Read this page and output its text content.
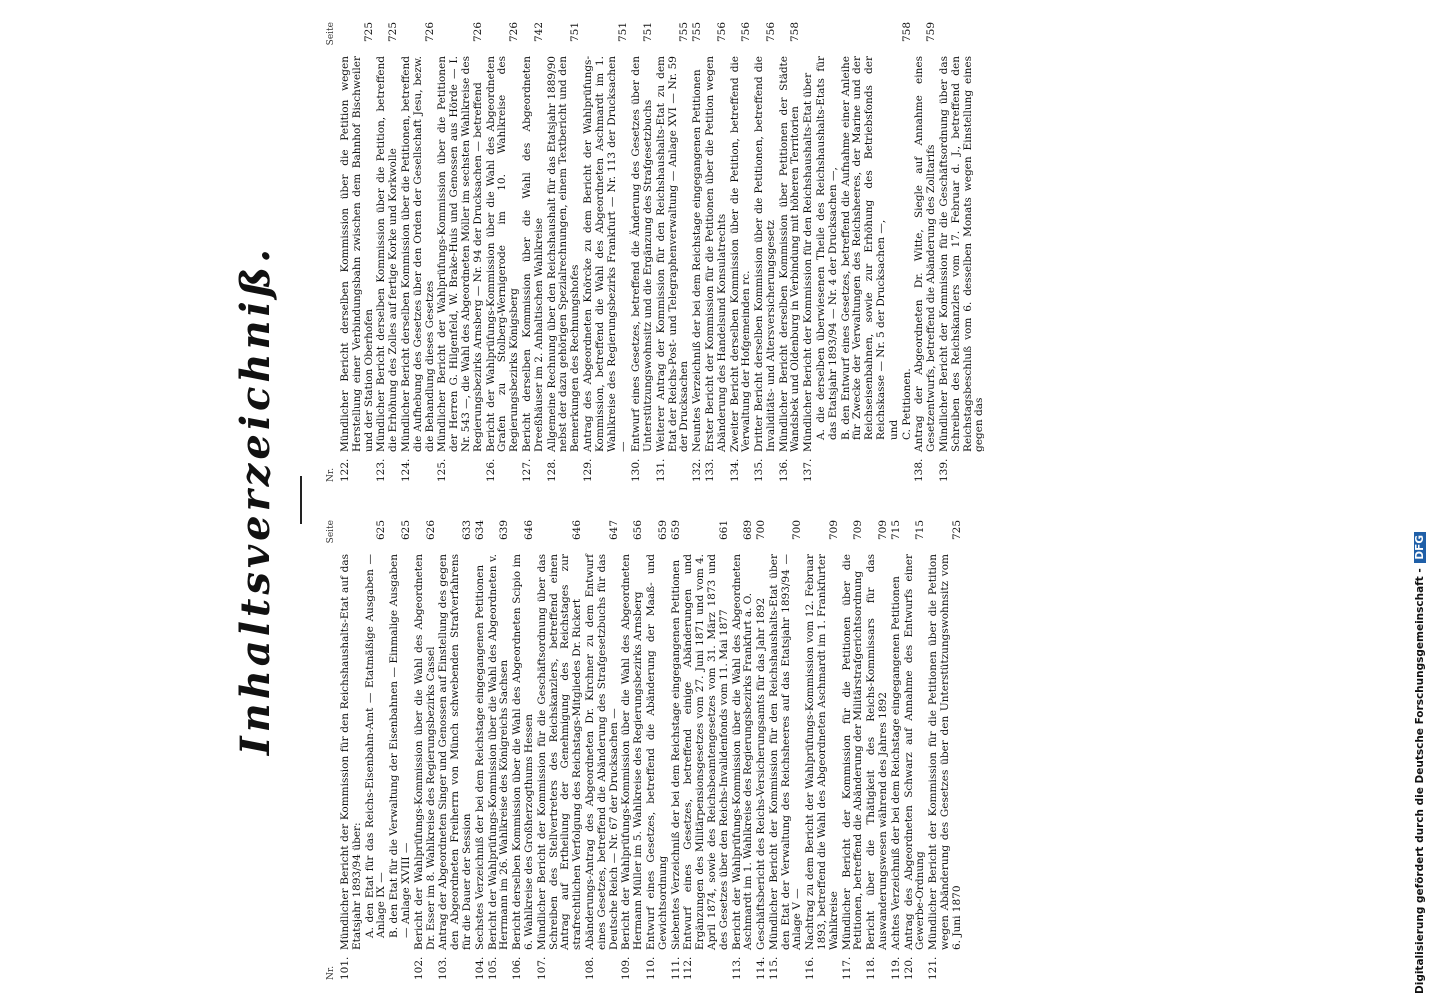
Inhaltsverzeichniß.
Nr.
Seite
101.
Mündlicher Bericht der Kommission für den Reichshaushalts-Etat auf das Etatsjahr 1893/94 über: A. den Etat für das Reichs-Eisenbahn-Amt — Etatmäßige Ausgaben — Anlage IX —
625
B. den Etat für die Verwaltung der Eisenbahnen — Einmalige Ausgaben — Anlage XVIII —
625
102.
Bericht der Wahlprüfungs-Kommission über die Wahl des Abgeordneten Dr. Esser im 8. Wahlkreise des Regierungsbezirks Cassel
626
103.
Antrag der Abgeordneten Singer und Genossen auf Einstellung des gegen den Abgeordneten Freiherrn von Münch schwebenden Strafverfahrens für die Dauer der Session
633
104.
Sechstes Verzeichniß der bei dem Reichstage eingegangenen Petitionen
634
105.
Bericht der Wahlprüfungs-Kommission über die Wahl des Abgeordneten v. Herrmann im 26. Wahlkreise des Königreichs Sachsen
639
106.
Bericht derselben Kommission über die Wahl des Abgeordneten Scipio im 6. Wahlkreise des Großherzogthums Hessen
646
107.
Mündlicher Bericht der Kommission für die Geschäftsordnung über das Schreiben des Stellvertreters des Reichskanzlers, betreffend einen Antrag auf Ertheilung der Genehmigung des Reichstages zur strafrechtlichen Verfolgung des Reichstags-Mitgliedes Dr. Rickert
646
108.
Abänderungs-Antrag des Abgeordneten Dr. Kirchner zu dem Entwurf eines Gesetzes, betreffend die Abänderung des Strafgesetzbuchs für das Deutsche Reich — Nr. 67 der Drucksachen —
647
109.
Bericht der Wahlprüfungs-Kommission über die Wahl des Abgeordneten Hermann Müller im 5. Wahlkreise des Regierungsbezirks Arnsberg
656
110.
Entwurf eines Gesetzes, betreffend die Abänderung der Maaß- und Gewichtsordnung
659
111.
Siebentes Verzeichniß der bei dem Reichstage eingegangenen Petitionen
659
112.
Entwurf eines Gesetzes, betreffend einige Abänderungen und Ergänzungen des Militärpensionsgesetzes vom 27. Juni 1871 und vom 4. April 1874, sowie des Reichsbeamtengesetzes vom 31. März 1873 und des Gesetzes über den Reichs-Invalidenfonds vom 11. Mai 1877
661
113.
Bericht der Wahlprüfungs-Kommission über die Wahl des Abgeordneten Aschmardt im 1. Wahlkreise des Regierungsbezirks Frankfurt a. O.
689
114.
Geschäftsbericht des Reichs-Versicherungsamts für das Jahr 1892
700
115.
Mündlicher Bericht der Kommission für den Reichshaushalts-Etat über den Etat der Verwaltung des Reichsheeres auf das Etatsjahr 1893/94 — Anlage V —
700
116.
Nachtrag zu dem Bericht der Wahlprüfungs-Kommission vom 12. Februar 1893, betreffend die Wahl des Abgeordneten Aschmardt im 1. Frankfurter Wahlkreise
709
117.
Mündlicher Bericht der Kommission für die Petitionen über die Petitionen, betreffend die Abänderung der Militärstrafgerichtsordnung
709
118.
Bericht über die Thätigkeit des Reichs-Kommissars für das Auswanderungswesen während des Jahres 1892
709
119.
Achtes Verzeichniß der bei dem Reichstage eingegangenen Petitionen
715
120.
Antrag des Abgeordneten Schwarz auf Annahme des Entwurfs einer Gewerbe-Ordnung
715
121.
Mündlicher Bericht der Kommission für die Petitionen über die Petition wegen Abänderung des Gesetzes über den Unterstützungswohnsitz vom 6. Juni 1870
725
Nr.
Seite
122.
Mündlicher Bericht derselben Kommission über die Petition wegen Herstellung einer Verbindungsbahn zwischen dem Bahnhof Bischweiler und der Station Oberhofen
725
123.
Mündlicher Bericht derselben Kommission über die Petition, betreffend die Erhöhung des Zolles auf fertige Korke und Korkwolle
725
124.
Mündlicher Bericht derselben Kommission über die Petitionen, betreffend die Aufhebung des Gesetzes über den Orden der Gesellschaft Jesu, bezw. die Behandlung dieses Gesetzes
726
125.
Mündlicher Bericht der Wahlprüfungs-Kommission über die Petitionen der Herren G. Hilgenfeld, W. Brake-Huis und Genossen aus Hörde — I. Nr. 543 —, die Wahl des Abgeordneten Möller im sechsten Wahlkreise des Regierungsbezirks Arnsberg — Nr. 94 der Drucksachen — betreffend
726
126.
Bericht der Wahlprüfungs-Kommission über die Wahl des Abgeordneten Grafen zu Stolberg-Wernigerode im 10. Wahlkreise des Regierungsbezirks Königsberg
726
127.
Bericht derselben Kommission über die Wahl des Abgeordneten Dreeßhäuser im 2. Anhaltischen Wahlkreise
742
128.
Allgemeine Rechnung über den Reichshaushalt für das Etatsjahr 1889/90 nebst der dazu gehörigen Spezialrechnungen, einem Textbericht und den Bemerkungen des Rechnungshofes
751
129.
Antrag des Abgeordneten Knörcke zu dem Bericht der Wahlprüfungs-Kommission, betreffend die Wahl des Abgeordneten Aschmardt im 1. Wahlkreise des Regierungsbezirks Frankfurt — Nr. 113 der Drucksachen —
751
130.
Entwurf eines Gesetzes, betreffend die Änderung des Gesetzes über den Unterstützungswohnsitz und die Ergänzung des Strafgesetzbuchs
751
131.
Weiterer Antrag der Kommission für den Reichshaushalts-Etat zu dem Etat der Reichs-Post- und Telegraphenverwaltung — Anlage XVI — Nr. 59 der Drucksachen
755
132.
Neuntes Verzeichniß der bei dem Reichstage eingegangenen Petitionen
755
133.
Erster Bericht der Kommission für die Petitionen über die Petition wegen Abänderung des Handelsund Konsulatrechts
756
134.
Zweiter Bericht derselben Kommission über die Petition, betreffend die Verwaltung der Hofgemeinden rc.
756
135.
Dritter Bericht derselben Kommission über die Petitionen, betreffend die Invaliditäts- und Altersversicherungsgesetz
756
136.
Mündlicher Bericht derselben Kommission über Petitionen der Städte Wandsbek und Oldenburg in Verbindung mit höheren Territorien
758
137.
Mündlicher Bericht der Kommission für den Reichshaushalts-Etat über A. die derselben überwiesenen Theile des Reichshaushalts-Etats für das Etatsjahr 1893/94 — Nr. 4 der Drucksachen —, B. den Entwurf eines Gesetzes, betreffend die Aufnahme einer Anleihe für Zwecke der Verwaltungen des Reichsheeres, der Marine und der Reichseisenbahnen, sowie zur Erhöhung des Betriebsfonds der Reichskasse — Nr. 5 der Drucksachen —, und C. Petitionen.
758
138.
Antrag der Abgeordneten Dr. Witte, Siegle auf Annahme eines Gesetzentwurfs, betreffend die Abänderung des Zolltarifs
759
139.
Mündlicher Bericht der Kommission für die Geschäftsordnung über das Schreiben des Reichskanzlers vom 17. Februar d. J., betreffend den Reichstagsbeschluß vom 6. desselben Monats wegen Einstellung eines gegen das
Digitalisierung gefördert durch die Deutsche Forschungsgemeinschaft - DFG
